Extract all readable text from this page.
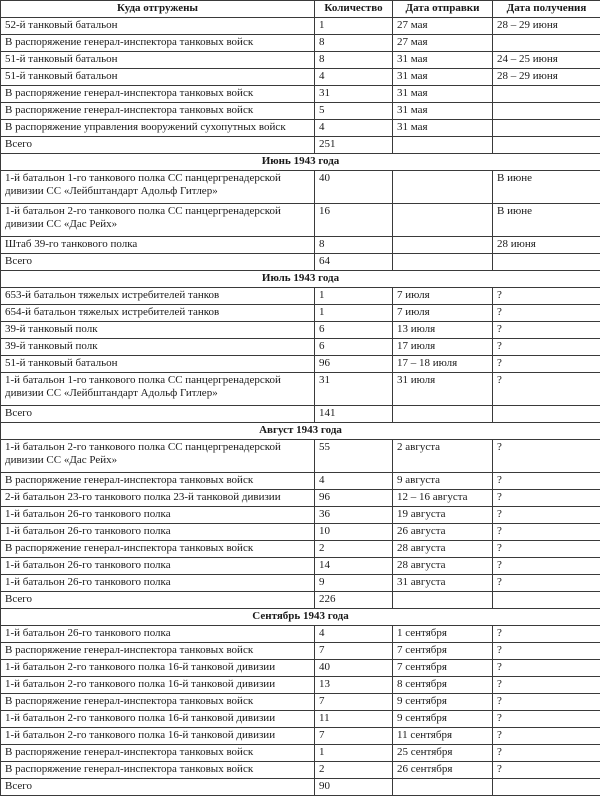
Куда отгружены	Количество	Дата отправки	Дата получения
52-й танковый батальон	1	27 мая	28 – 29 июня
В распоряжение генерал-инспектора танковых войск	8	27 мая	
51-й танковый батальон	8	31 мая	24 – 25 июня
51-й танковый батальон	4	31 мая	28 – 29 июня
В распоряжение генерал-инспектора танковых войск	31	31 мая	
В распоряжение генерал-инспектора танковых войск	5	31 мая	
В распоряжение управления вооружений сухопутных войск	4	31 мая	
Всего	251		
Июнь 1943 года			
1-й батальон 1-го танкового полка СС панцергренадерской дивизии СС «Лейбштандарт Адольф Гитлер»	40		В июне
1-й батальон 2-го танкового полка СС панцергренадерской дивизии СС «Дас Рейх»	16		В июне
Штаб 39-го танкового полка	8		28 июня
Всего	64		
Июль 1943 года			
653-й батальон тяжелых истребителей танков	1	7 июля	?
654-й батальон тяжелых истребителей танков	1	7 июля	?
39-й танковый полк	6	13 июля	?
39-й танковый полк	6	17 июля	?
51-й танковый батальон	96	17 – 18 июля	?
1-й батальон 1-го танкового полка СС панцергренадерской дивизии СС «Лейбштандарт Адольф Гитлер»	31	31 июля	?
Всего	141		
Август 1943 года			
1-й батальон 2-го танкового полка СС панцергренадерской дивизии СС «Дас Рейх»	55	2 августа	?
В распоряжение генерал-инспектора танковых войск	4	9 августа	?
2-й батальон 23-го танкового полка 23-й танковой дивизии	96	12 – 16 августа	?
1-й батальон 26-го танкового полка	36	19 августа	?
1-й батальон 26-го танкового полка	10	26 августа	?
В распоряжение генерал-инспектора танковых войск	2	28 августа	?
1-й батальон 26-го танкового полка	14	28 августа	?
1-й батальон 26-го танкового полка	9	31 августа	?
Всего	226		
Сентябрь 1943 года			
1-й батальон 26-го танкового полка	4	1 сентября	?
В распоряжение генерал-инспектора танковых войск	7	7 сентября	?
1-й батальон 2-го танкового полка 16-й танковой дивизии	40	7 сентября	?
1-й батальон 2-го танкового полка 16-й танковой дивизии	13	8 сентября	?
В распоряжение генерал-инспектора танковых войск	7	9 сентября	?
1-й батальон 2-го танкового полка 16-й танковой дивизии	11	9 сентября	?
1-й батальон 2-го танкового полка 16-й танковой дивизии	7	11 сентября	?
В распоряжение генерал-инспектора танковых войск	1	25 сентября	?
В распоряжение генерал-инспектора танковых войск	2	26 сентября	?
Всего	90		
